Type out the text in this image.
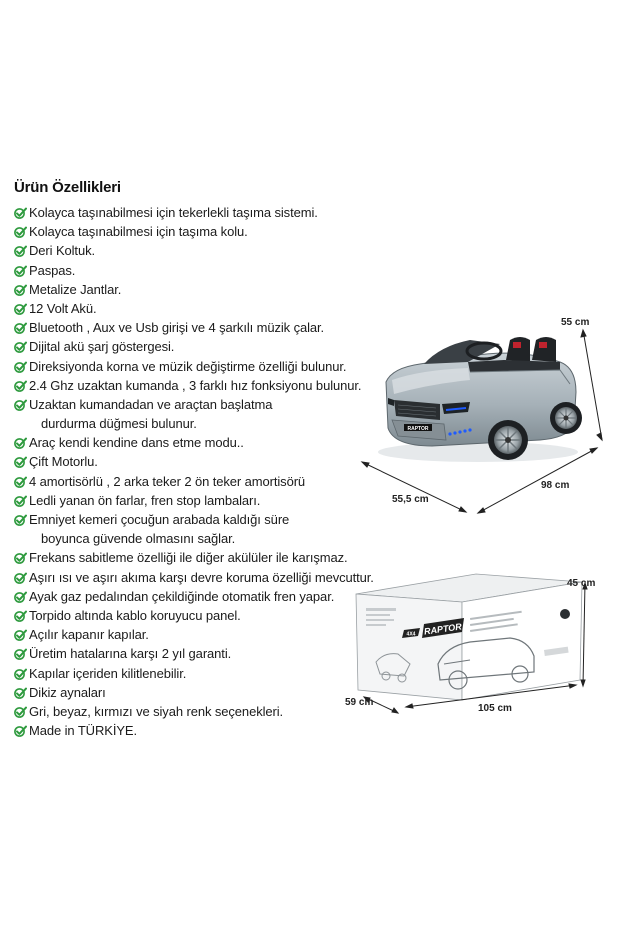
Ürün Özellikleri
Kolayca taşınabilmesi için tekerlekli taşıma sistemi.
Kolayca taşınabilmesi için taşıma kolu.
Deri Koltuk.
Paspas.
Metalize Jantlar.
12 Volt Akü.
Bluetooth , Aux ve Usb girişi ve 4 şarkılı müzik çalar.
Dijital akü şarj göstergesi.
Direksiyonda korna ve müzik değiştirme özelliği bulunur.
2.4 Ghz uzaktan kumanda , 3 farklı hız fonksiyonu bulunur.
Uzaktan kumandadan ve araçtan başlatma
durdurma düğmesi bulunur.
Araç kendi kendine dans etme modu..
Çift Motorlu.
4 amortisörlü , 2 arka teker 2 ön teker amortisörü
Ledli yanan ön farlar, fren stop lambaları.
Emniyet kemeri çocuğun arabada kaldığı süre
boyunca güvende olmasını sağlar.
Frekans sabitleme özelliği ile diğer akülüler ile karışmaz.
Aşırı ısı ve aşırı akıma karşı devre koruma özelliği mevcuttur.
Ayak gaz pedalından çekildiğinde otomatik fren yapar.
Torpido altında kablo koruyucu panel.
Açılır kapanır kapılar.
Üretim hatalarına karşı 2 yıl garanti.
Kapılar içeriden kilitlenebilir.
Dikiz aynaları
Gri, beyaz, kırmızı ve siyah renk seçenekleri.
Made in TÜRKİYE.
RAPTOR
4X4 RAPTOR
55 cm
55,5 cm
98 cm
45 cm
59 cm
105 cm
